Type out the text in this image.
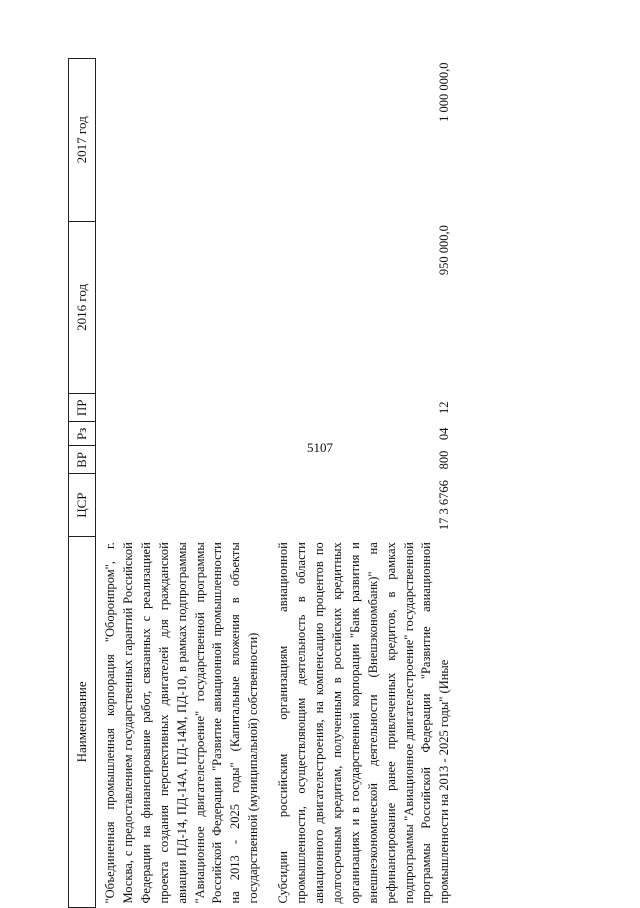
5107
Наименование	ЦСР	ВР	Рз	ПР	2016 год	2017 год
"Объединенная промышленная корпорация "Оборонпром", г. Москва, с предоставлением государственных гарантий Российской Федерации на финансирование работ, связанных с реализацией проекта создания перспективных двигателей для гражданской авиации ПД-14, ПД-14А, ПД-14М, ПД-10, в рамках подпрограммы "Авиационное двигателестроение" государственной программы Российской Федерации "Развитие авиационной промышленности на 2013 - 2025 годы" (Капитальные вложения в объекты государственной (муниципальной) собственности)						
Субсидии российским организациям авиационной промышленности, осуществляющим деятельность в области авиационного двигателестроения, на компенсацию процентов по долгосрочным кредитам, полученным в российских кредитных организациях и в государственной корпорации "Банк развития и внешнеэкономической деятельности (Внешэкономбанк)" на рефинансирование ранее привлеченных кредитов, в рамках подпрограммы "Авиационное двигателестроение" государственной программы Российской Федерации "Развитие авиационной промышленности на 2013 - 2025 годы" (Иные	17 3 6766	800	04	12	950 000,0	1 000 000,0
